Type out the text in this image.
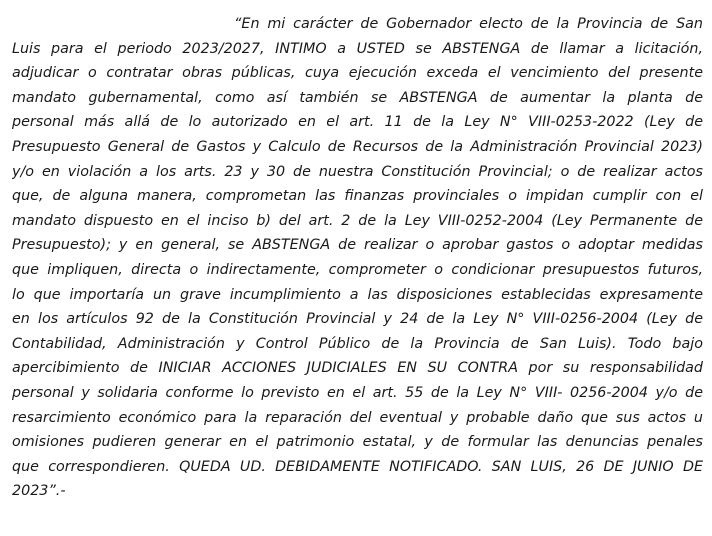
“En mi carácter de Gobernador electo de la Provincia de San
Luis para el periodo 2023/2027, INTIMO a USTED se ABSTENGA de llamar a licitación,
adjudicar o contratar obras públicas, cuya ejecución exceda el vencimiento del presente
mandato gubernamental, como así también se ABSTENGA de aumentar la planta de
personal más allá de lo autorizado en el art. 11 de la Ley N° VIII-0253-2022 (Ley de
Presupuesto General de Gastos y Calculo de Recursos de la Administración Provincial 2023)
y/o en violación a los arts. 23 y 30 de nuestra Constitución Provincial; o de realizar actos
que, de alguna manera, comprometan las finanzas provinciales o impidan cumplir con el
mandato dispuesto en el inciso b) del art. 2 de la Ley VIII-0252-2004 (Ley Permanente de
Presupuesto); y en general, se ABSTENGA de realizar o aprobar gastos o adoptar medidas
que impliquen, directa o indirectamente, comprometer o condicionar presupuestos futuros,
lo que importaría un grave incumplimiento a las disposiciones establecidas expresamente
en los artículos 92 de la Constitución Provincial y 24 de la Ley N° VIII-0256-2004 (Ley de
Contabilidad, Administración y Control Público de la Provincia de San Luis). Todo bajo
apercibimiento de INICIAR ACCIONES JUDICIALES EN SU CONTRA por su responsabilidad
personal y solidaria conforme lo previsto en el art. 55 de la Ley N° VIII- 0256-2004 y/o de
resarcimiento económico para la reparación del eventual y probable daño que sus actos u
omisiones pudieren generar en el patrimonio estatal, y de formular las denuncias penales
que correspondieren. QUEDA UD. DEBIDAMENTE NOTIFICADO. SAN LUIS, 26 DE JUNIO DE
2023”.-
